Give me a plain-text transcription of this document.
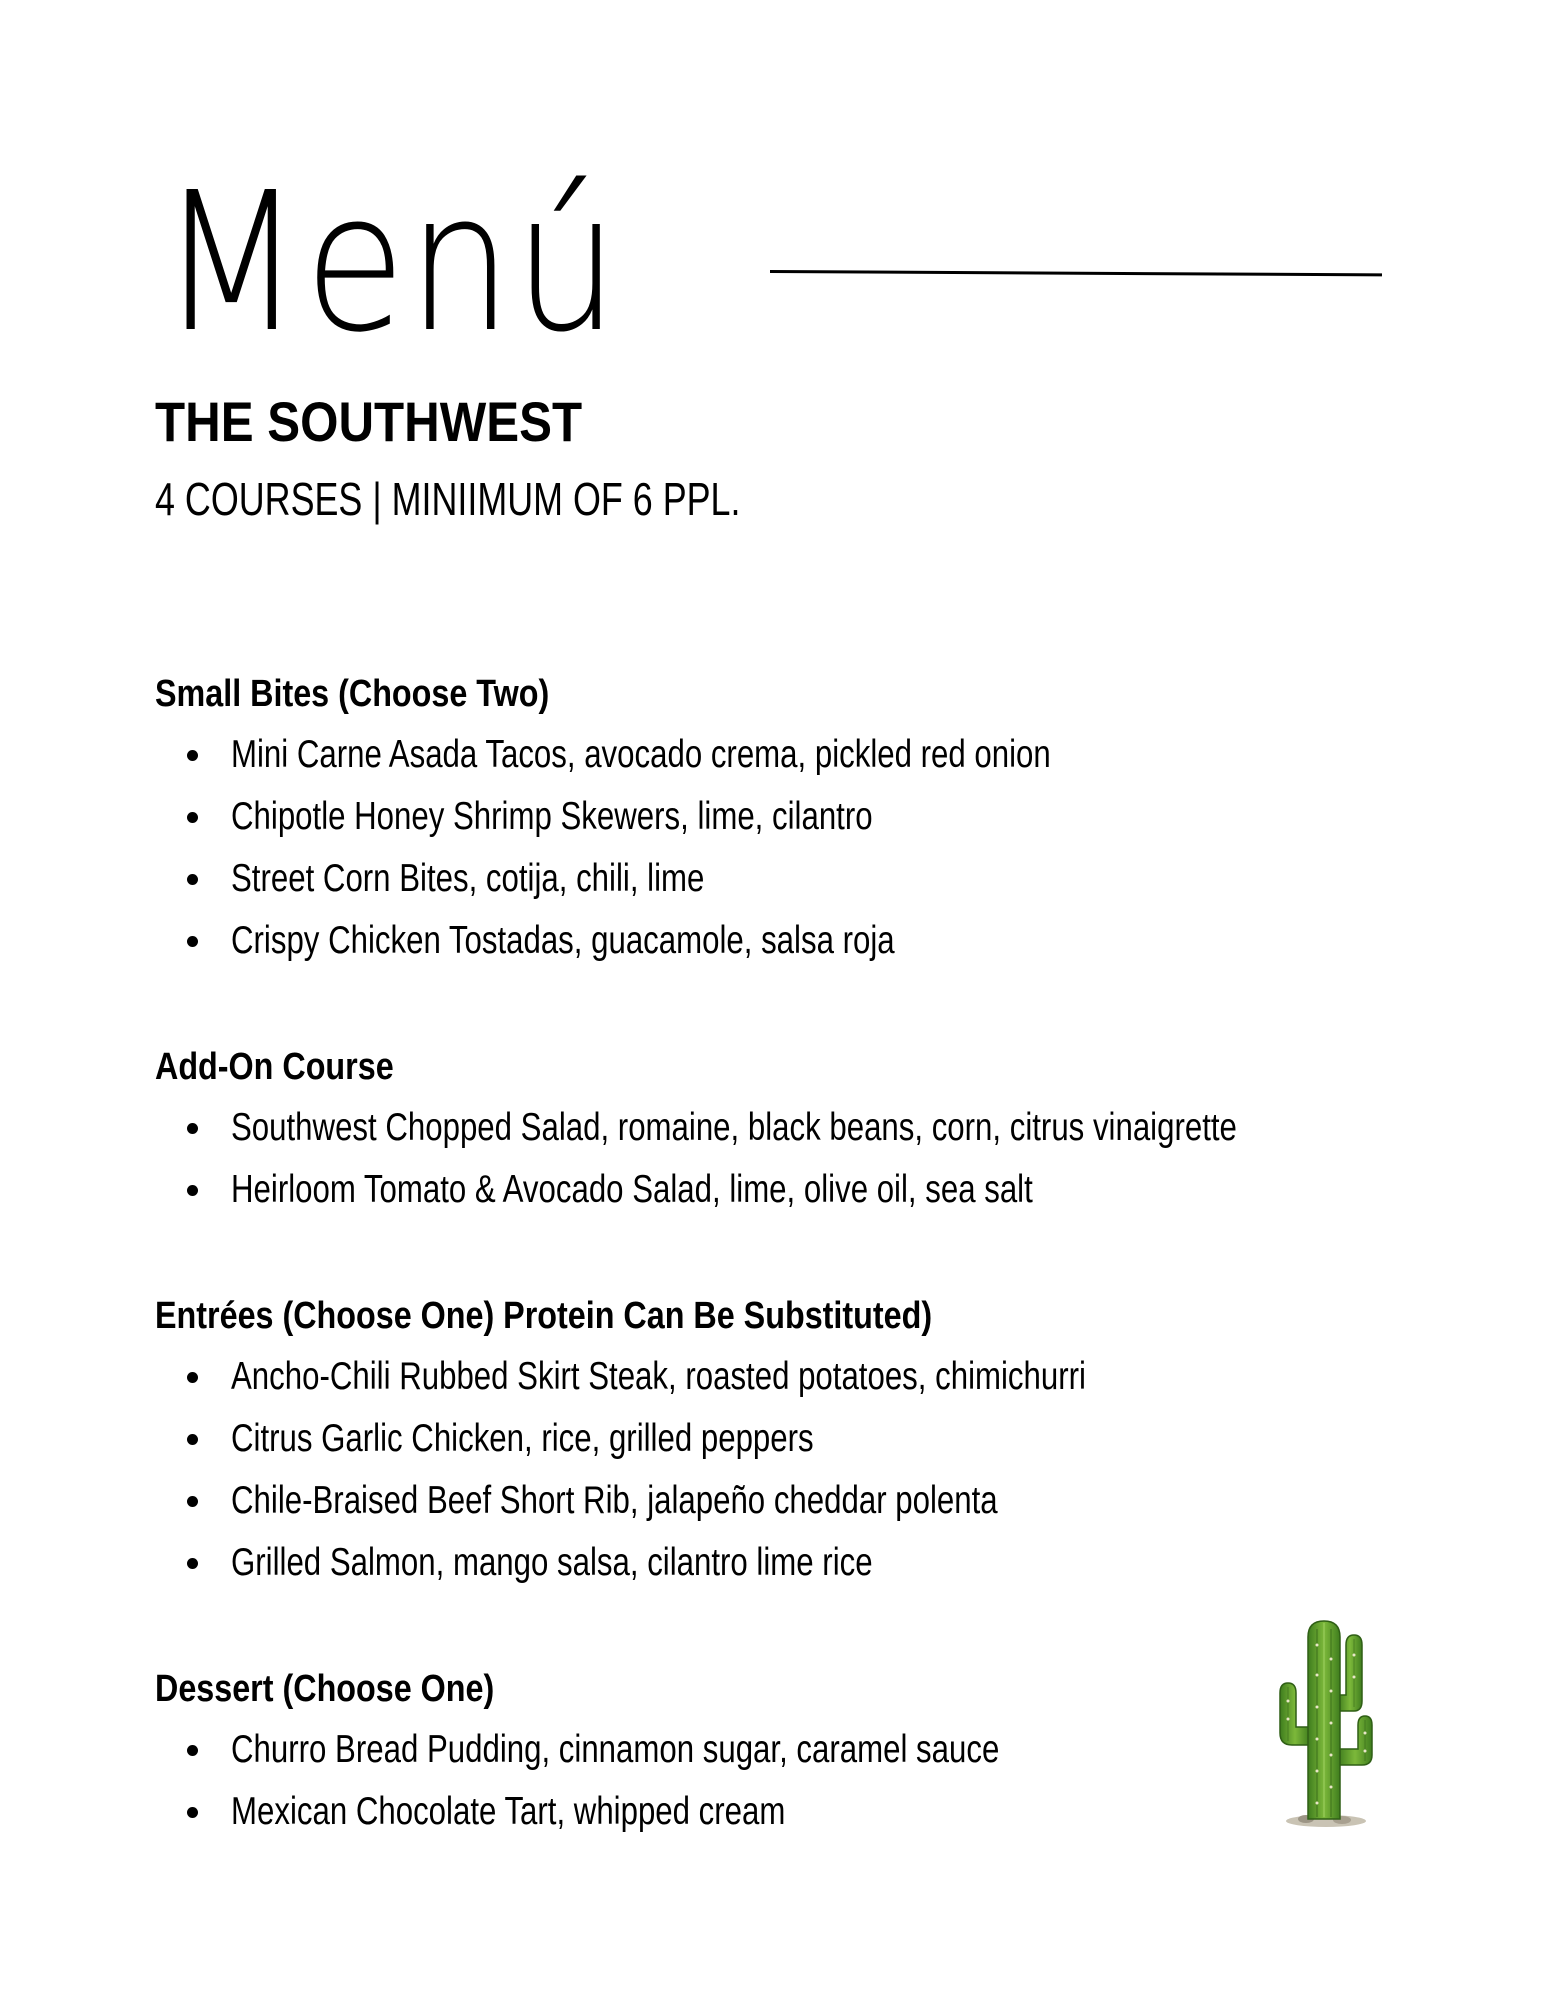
Menú
THE SOUTHWEST

4 COURSES | MINIIMUM OF 6 PPL.

Small Bites (Choose Two)
Mini Carne Asada Tacos, avocado crema, pickled red onion
Chipotle Honey Shrimp Skewers, lime, cilantro
Street Corn Bites, cotija, chili, lime
Crispy Chicken Tostadas, guacamole, salsa roja
Add-On Course
Southwest Chopped Salad, romaine, black beans, corn, citrus vinaigrette
Heirloom Tomato & Avocado Salad, lime, olive oil, sea salt
Entrées (Choose One) Protein Can Be Substituted)
Ancho-Chili Rubbed Skirt Steak, roasted potatoes, chimichurri
Citrus Garlic Chicken, rice, grilled peppers
Chile-Braised Beef Short Rib, jalapeño cheddar polenta
Grilled Salmon, mango salsa, cilantro lime rice
Dessert (Choose One)
Churro Bread Pudding, cinnamon sugar, caramel sauce
Mexican Chocolate Tart, whipped cream
